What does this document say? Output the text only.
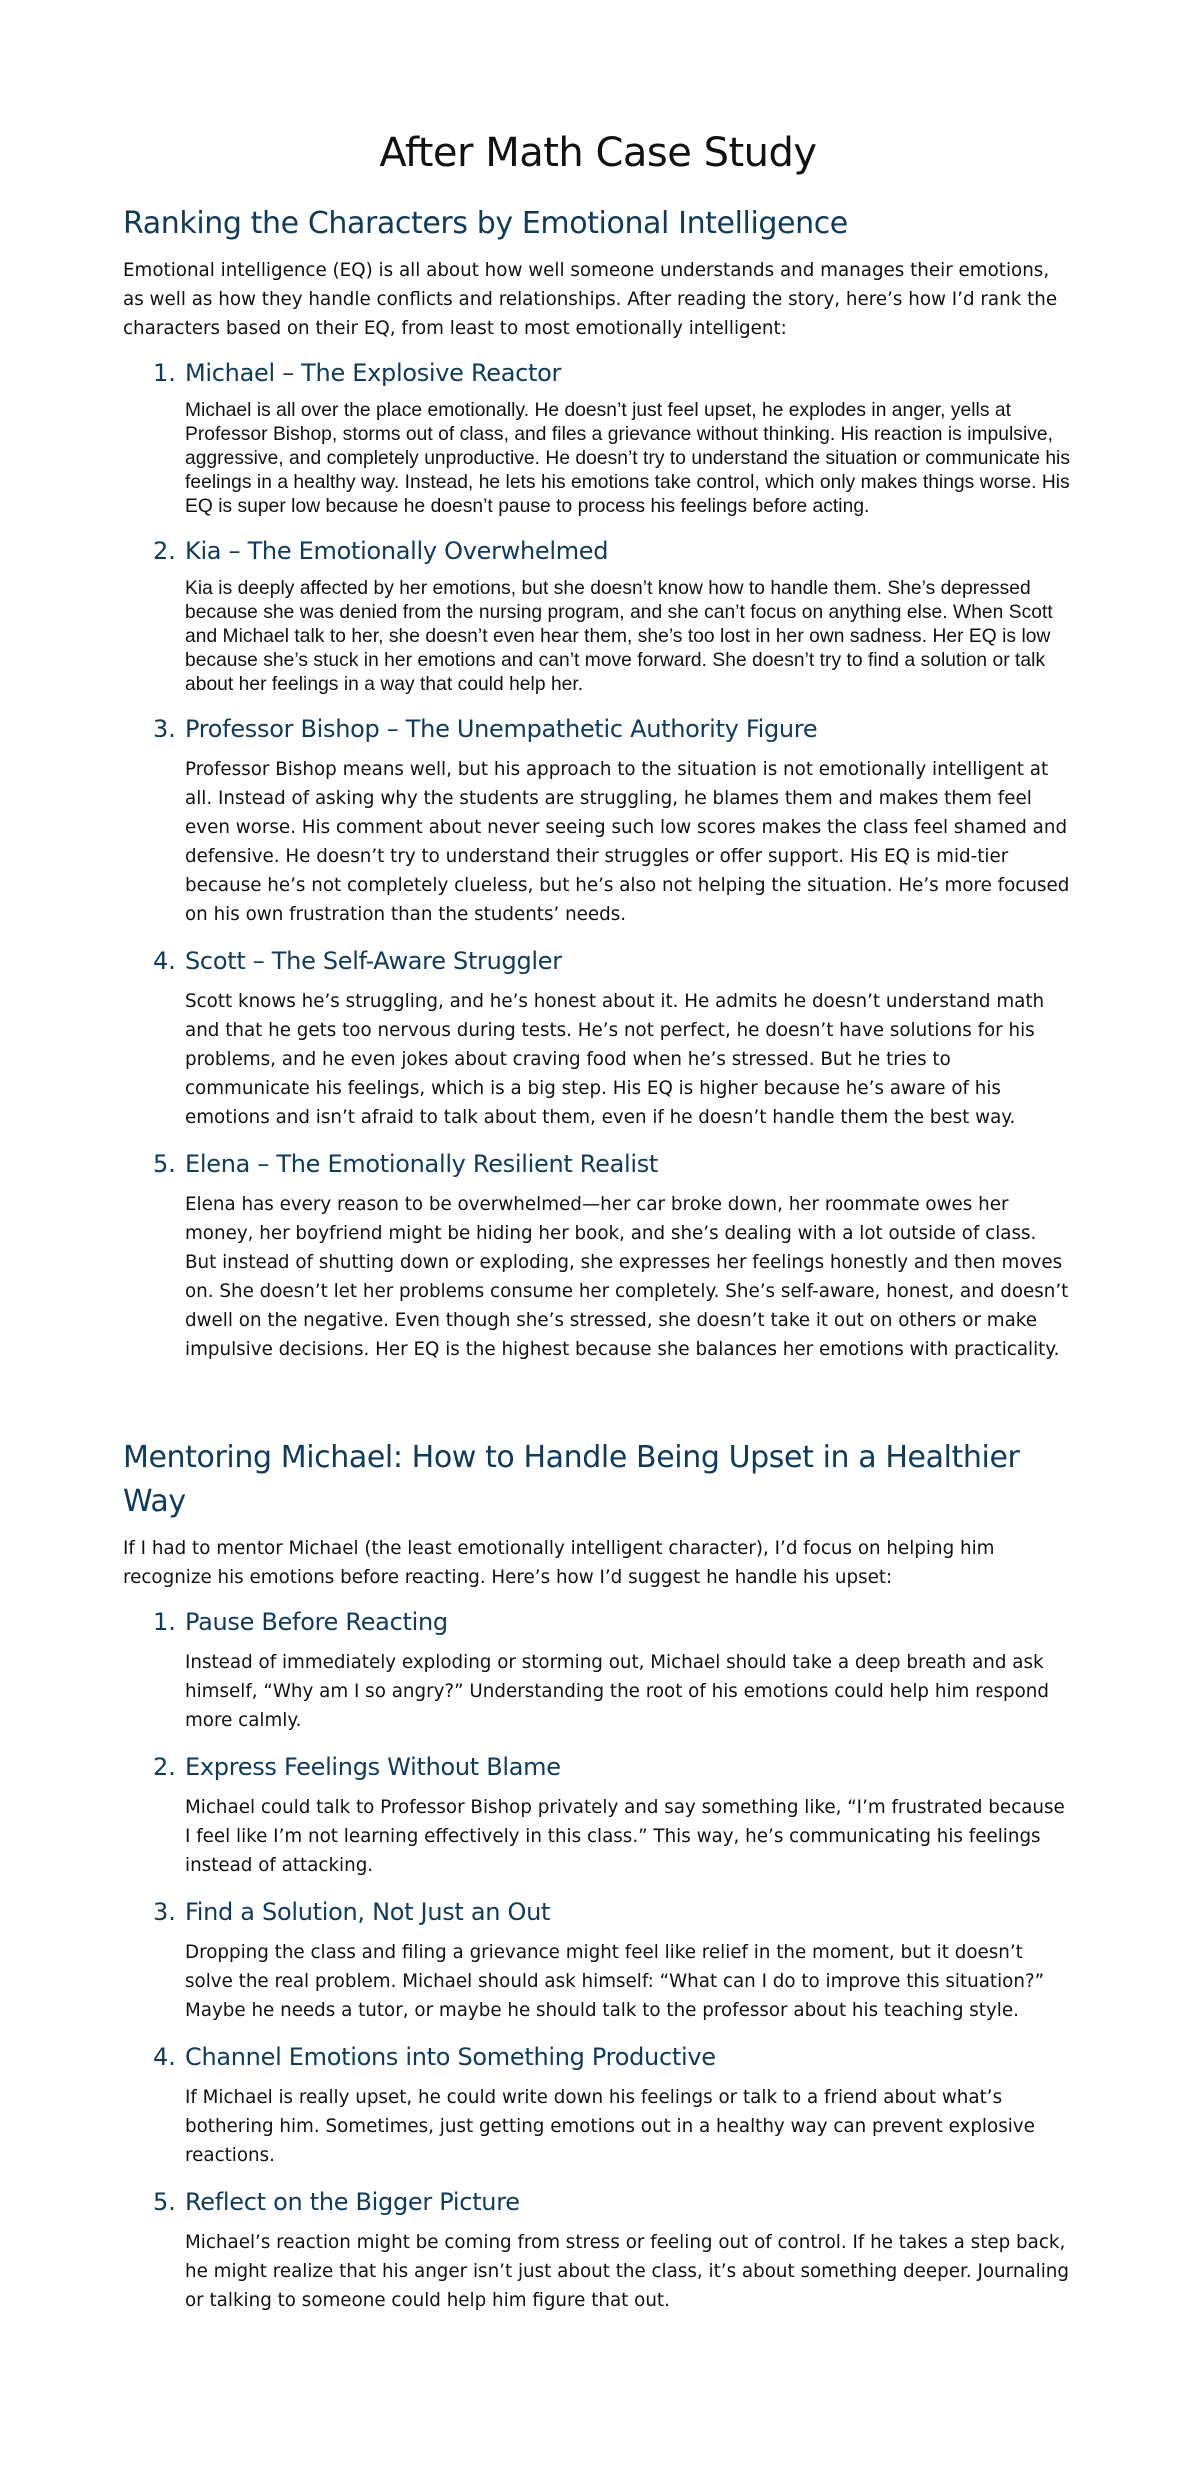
After Math Case Study
Ranking the Characters by Emotional Intelligence

Emotional intelligence (EQ) is all about how well someone understands and manages their emotions, as well as how they handle conflicts and relationships. After reading the story, here’s how I’d rank the characters based on their EQ, from least to most emotionally intelligent:

1. Michael – The Explosive Reactor

Michael is all over the place emotionally. He doesn’t just feel upset, he explodes in anger, yells at Professor Bishop, storms out of class, and files a grievance without thinking. His reaction is impulsive, aggressive, and completely unproductive. He doesn’t try to understand the situation or communicate his feelings in a healthy way. Instead, he lets his emotions take control, which only makes things worse. His EQ is super low because he doesn’t pause to process his feelings before acting.

2. Kia – The Emotionally Overwhelmed

Kia is deeply affected by her emotions, but she doesn’t know how to handle them. She’s depressed because she was denied from the nursing program, and she can’t focus on anything else. When Scott and Michael talk to her, she doesn’t even hear them, she’s too lost in her own sadness. Her EQ is low because she’s stuck in her emotions and can’t move forward. She doesn’t try to find a solution or talk about her feelings in a way that could help her.

3. Professor Bishop – The Unempathetic Authority Figure

Professor Bishop means well, but his approach to the situation is not emotionally intelligent at all. Instead of asking why the students are struggling, he blames them and makes them feel even worse. His comment about never seeing such low scores makes the class feel shamed and defensive. He doesn’t try to understand their struggles or offer support. His EQ is mid-tier because he’s not completely clueless, but he’s also not helping the situation. He’s more focused on his own frustration than the students’ needs.

4. Scott – The Self-Aware Struggler

Scott knows he’s struggling, and he’s honest about it. He admits he doesn’t understand math and that he gets too nervous during tests. He’s not perfect, he doesn’t have solutions for his problems, and he even jokes about craving food when he’s stressed. But he tries to communicate his feelings, which is a big step. His EQ is higher because he’s aware of his emotions and isn’t afraid to talk about them, even if he doesn’t handle them the best way.

5. Elena – The Emotionally Resilient Realist

Elena has every reason to be overwhelmed—her car broke down, her roommate owes her money, her boyfriend might be hiding her book, and she’s dealing with a lot outside of class. But instead of shutting down or exploding, she expresses her feelings honestly and then moves on. She doesn’t let her problems consume her completely. She’s self-aware, honest, and doesn’t dwell on the negative. Even though she’s stressed, she doesn’t take it out on others or make impulsive decisions. Her EQ is the highest because she balances her emotions with practicality.

Mentoring Michael: How to Handle Being Upset in a Healthier Way

If I had to mentor Michael (the least emotionally intelligent character), I’d focus on helping him recognize his emotions before reacting. Here’s how I’d suggest he handle his upset:

1. Pause Before Reacting

Instead of immediately exploding or storming out, Michael should take a deep breath and ask himself, “Why am I so angry?” Understanding the root of his emotions could help him respond more calmly.

2. Express Feelings Without Blame

Michael could talk to Professor Bishop privately and say something like, “I’m frustrated because I feel like I’m not learning effectively in this class.” This way, he’s communicating his feelings instead of attacking.

3. Find a Solution, Not Just an Out

Dropping the class and filing a grievance might feel like relief in the moment, but it doesn’t solve the real problem. Michael should ask himself: “What can I do to improve this situation?” Maybe he needs a tutor, or maybe he should talk to the professor about his teaching style.

4. Channel Emotions into Something Productive

If Michael is really upset, he could write down his feelings or talk to a friend about what’s bothering him. Sometimes, just getting emotions out in a healthy way can prevent explosive reactions.

5. Reflect on the Bigger Picture

Michael’s reaction might be coming from stress or feeling out of control. If he takes a step back, he might realize that his anger isn’t just about the class, it’s about something deeper. Journaling or talking to someone could help him figure that out.
